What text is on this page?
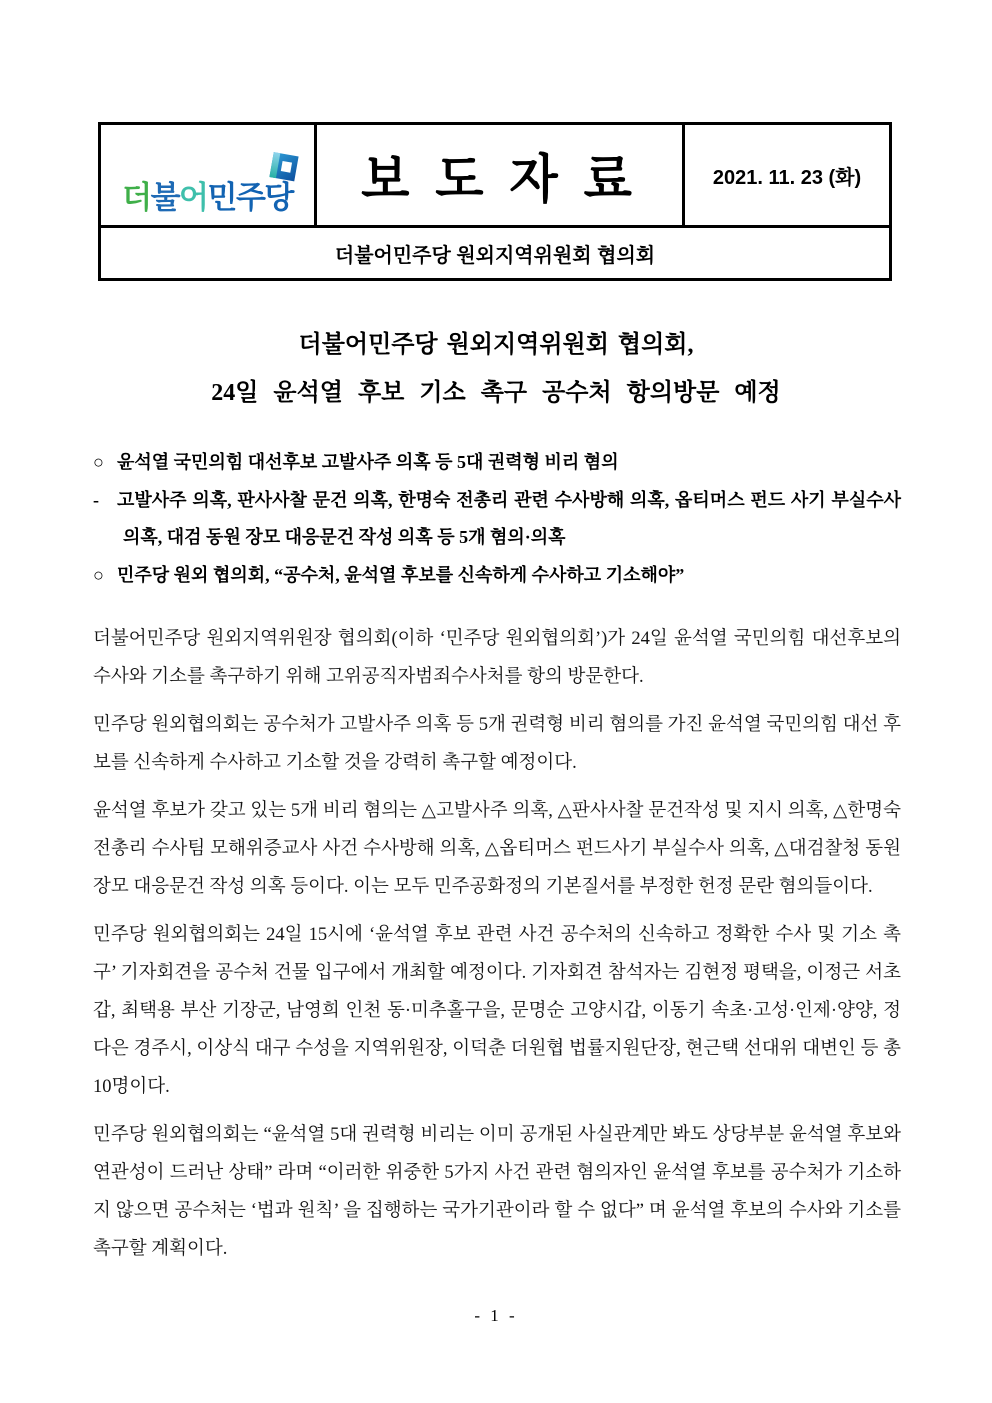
더불어민주당 보 도 자 료	2021. 11. 23 (화)
더불어민주당 원외지역위원회 협의회
더불어민주당 원외지역위원회 협의회,
24일 윤석열 후보 기소 촉구 공수처 항의방문 예정
○ 윤석열 국민의힘 대선후보 고발사주 의혹 등 5대 권력형 비리 혐의
- 고발사주 의혹, 판사사찰 문건 의혹, 한명숙 전총리 관련 수사방해 의혹, 옵티머스 펀드 사기 부실수사 의혹, 대검 동원 장모 대응문건 작성 의혹 등 5개 혐의·의혹
○ 민주당 원외 협의회, “공수처, 윤석열 후보를 신속하게 수사하고 기소해야”

더불어민주당 원외지역위원장 협의회(이하 ‘민주당 원외협의회’)가 24일 윤석열 국민의힘 대선후보의 수사와 기소를 촉구하기 위해 고위공직자범죄수사처를 항의 방문한다.

민주당 원외협의회는 공수처가 고발사주 의혹 등 5개 권력형 비리 혐의를 가진 윤석열 국민의힘 대선 후보를 신속하게 수사하고 기소할 것을 강력히 촉구할 예정이다.

윤석열 후보가 갖고 있는 5개 비리 혐의는 △고발사주 의혹, △판사사찰 문건작성 및 지시 의혹, △한명숙 전총리 수사팀 모해위증교사 사건 수사방해 의혹, △옵티머스 펀드사기 부실수사 의혹, △대검찰청 동원 장모 대응문건 작성 의혹 등이다. 이는 모두 민주공화정의 기본질서를 부정한 헌정 문란 혐의들이다.

민주당 원외협의회는 24일 15시에 ‘윤석열 후보 관련 사건 공수처의 신속하고 정확한 수사 및 기소 촉구’ 기자회견을 공수처 건물 입구에서 개최할 예정이다. 기자회견 참석자는 김현정 평택을, 이정근 서초갑, 최택용 부산 기장군, 남영희 인천 동·미추홀구을, 문명순 고양시갑, 이동기 속초·고성·인제·양양, 정다은 경주시, 이상식 대구 수성을 지역위원장, 이덕춘 더원협 법률지원단장, 현근택 선대위 대변인 등 총 10명이다.

민주당 원외협의회는 “윤석열 5대 권력형 비리는 이미 공개된 사실관계만 봐도 상당부분 윤석열 후보와 연관성이 드러난 상태” 라며 “이러한 위중한 5가지 사건 관련 혐의자인 윤석열 후보를 공수처가 기소하지 않으면 공수처는 ‘법과 원칙’ 을 집행하는 국가기관이라 할 수 없다” 며 윤석열 후보의 수사와 기소를 촉구할 계획이다.

- 1 -
